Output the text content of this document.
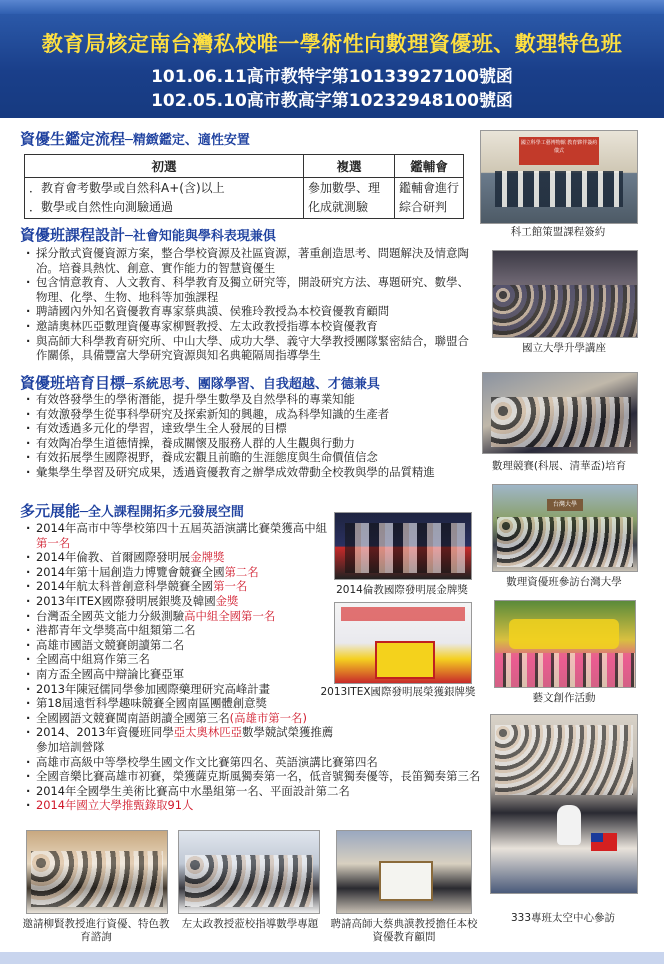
教育局核定南台灣私校唯一學術性向數理資優班、數理特色班
101.06.11高市教特字第10133927100號函
102.05.10高市教高字第10232948100號函
資優生鑑定流程─精緻鑑定、適性安置
初選	複選	鑑輔會

．教育會考數學或自然科A+(含)以上
．數學或自然性向測驗通過	參加數學、理化成就測驗	鑑輔會進行綜合研判
資優班課程設計─社會知能與學科表現兼俱
· 採分散式資優資源方案，整合學校資源及社區資源，著重創造思考、問題解決及情意陶冶。培養具熱忱、創意、實作能力的智慧資優生
· 包含情意教育、人文教育、科學教育及獨立研究等，開設研究方法、專題研究、數學、物理、化學、生物、地科等加強課程
· 聘請國內外知名資優教育專家蔡典謨、侯雅玲教授為本校資優教育顧問
· 邀請奧林匹亞數理資優專家柳賢教授、左太政教授指導本校資優教育
· 與高師大科學教育研究所、中山大學、成功大學、義守大學教授團隊緊密結合，聯盟合作關係，具備豐富大學研究資源與知名典範隔周指導學生
資優班培育目標─系統思考、團隊學習、自我超越、才德兼具
· 有效啓發學生的學術潛能，提升學生數學及自然學科的專業知能
· 有效激發學生從事科學研究及探索新知的興趣，成為科學知識的生產者
· 有效透過多元化的學習，達致學生全人發展的目標
· 有效陶冶學生道德情操，養成關懷及服務人群的人生觀與行動力
· 有效拓展學生國際視野，養成宏觀且前瞻的生涯態度與生命價值信念
· 彙集學生學習及研究成果，透過資優教育之辦學成效帶動全校教與學的品質精進
多元展能─全人課程開拓多元發展空間
· 2014年高市中等學校第四十五屆英語演講比賽榮獲高中組第一名
· 2014年倫教、首爾國際發明展金牌獎
· 2014年第十屆創造力博覽會競賽全國第二名
· 2014年航太科普創意科學競賽全國第一名
· 2013年ITEX國際發明展銀獎及韓國金獎
· 台灣盃全國英文能力分級測驗高中組全國第一名
· 港都青年文學獎高中組類第二名
· 高雄市國語文競賽朗讀第二名
· 全國高中組寫作第三名
· 南方盃全國高中辯論比賽亞軍
· 2013年陳冠儒同學參加國際藥理研究高峰計畫
· 第18屆遠哲科學趣味競賽全國南區團體創意獎
· 全國國語文競賽閩南語朗讀全國第三名(高雄市第一名)
· 2014、2013年資優班同學亞太奧林匹亞數學競試榮獲推薦參加培訓營隊
· 高雄市高級中等學校學生國文作文比賽第四名、英語演講比賽第四名
· 全國音樂比賽高雄市初賽，榮獲薩克斯風獨奏第一名，低音號獨奏優等，長笛獨奏第三名
· 2014年全國學生美術比賽高中水墨組第一名、平面設計第二名
· 2014年國立大學推甄錄取91人
國立科學工藝博物館 教育夥伴簽約儀式
科工館策盟課程簽約
國立大學升學講座
數理競賽(科展、清華盃)培育
台灣大學
數理資優班參訪台灣大學
藝文創作活動
333專班太空中心參訪
2014倫教國際發明展金牌獎
2013ITEX國際發明展榮獲銀牌獎
邀請柳賢教授進行資優、特色教育諮詢
左太政教授蒞校指導數學專題	聘請高師大蔡典謨教授擔任本校資優教育顧問
